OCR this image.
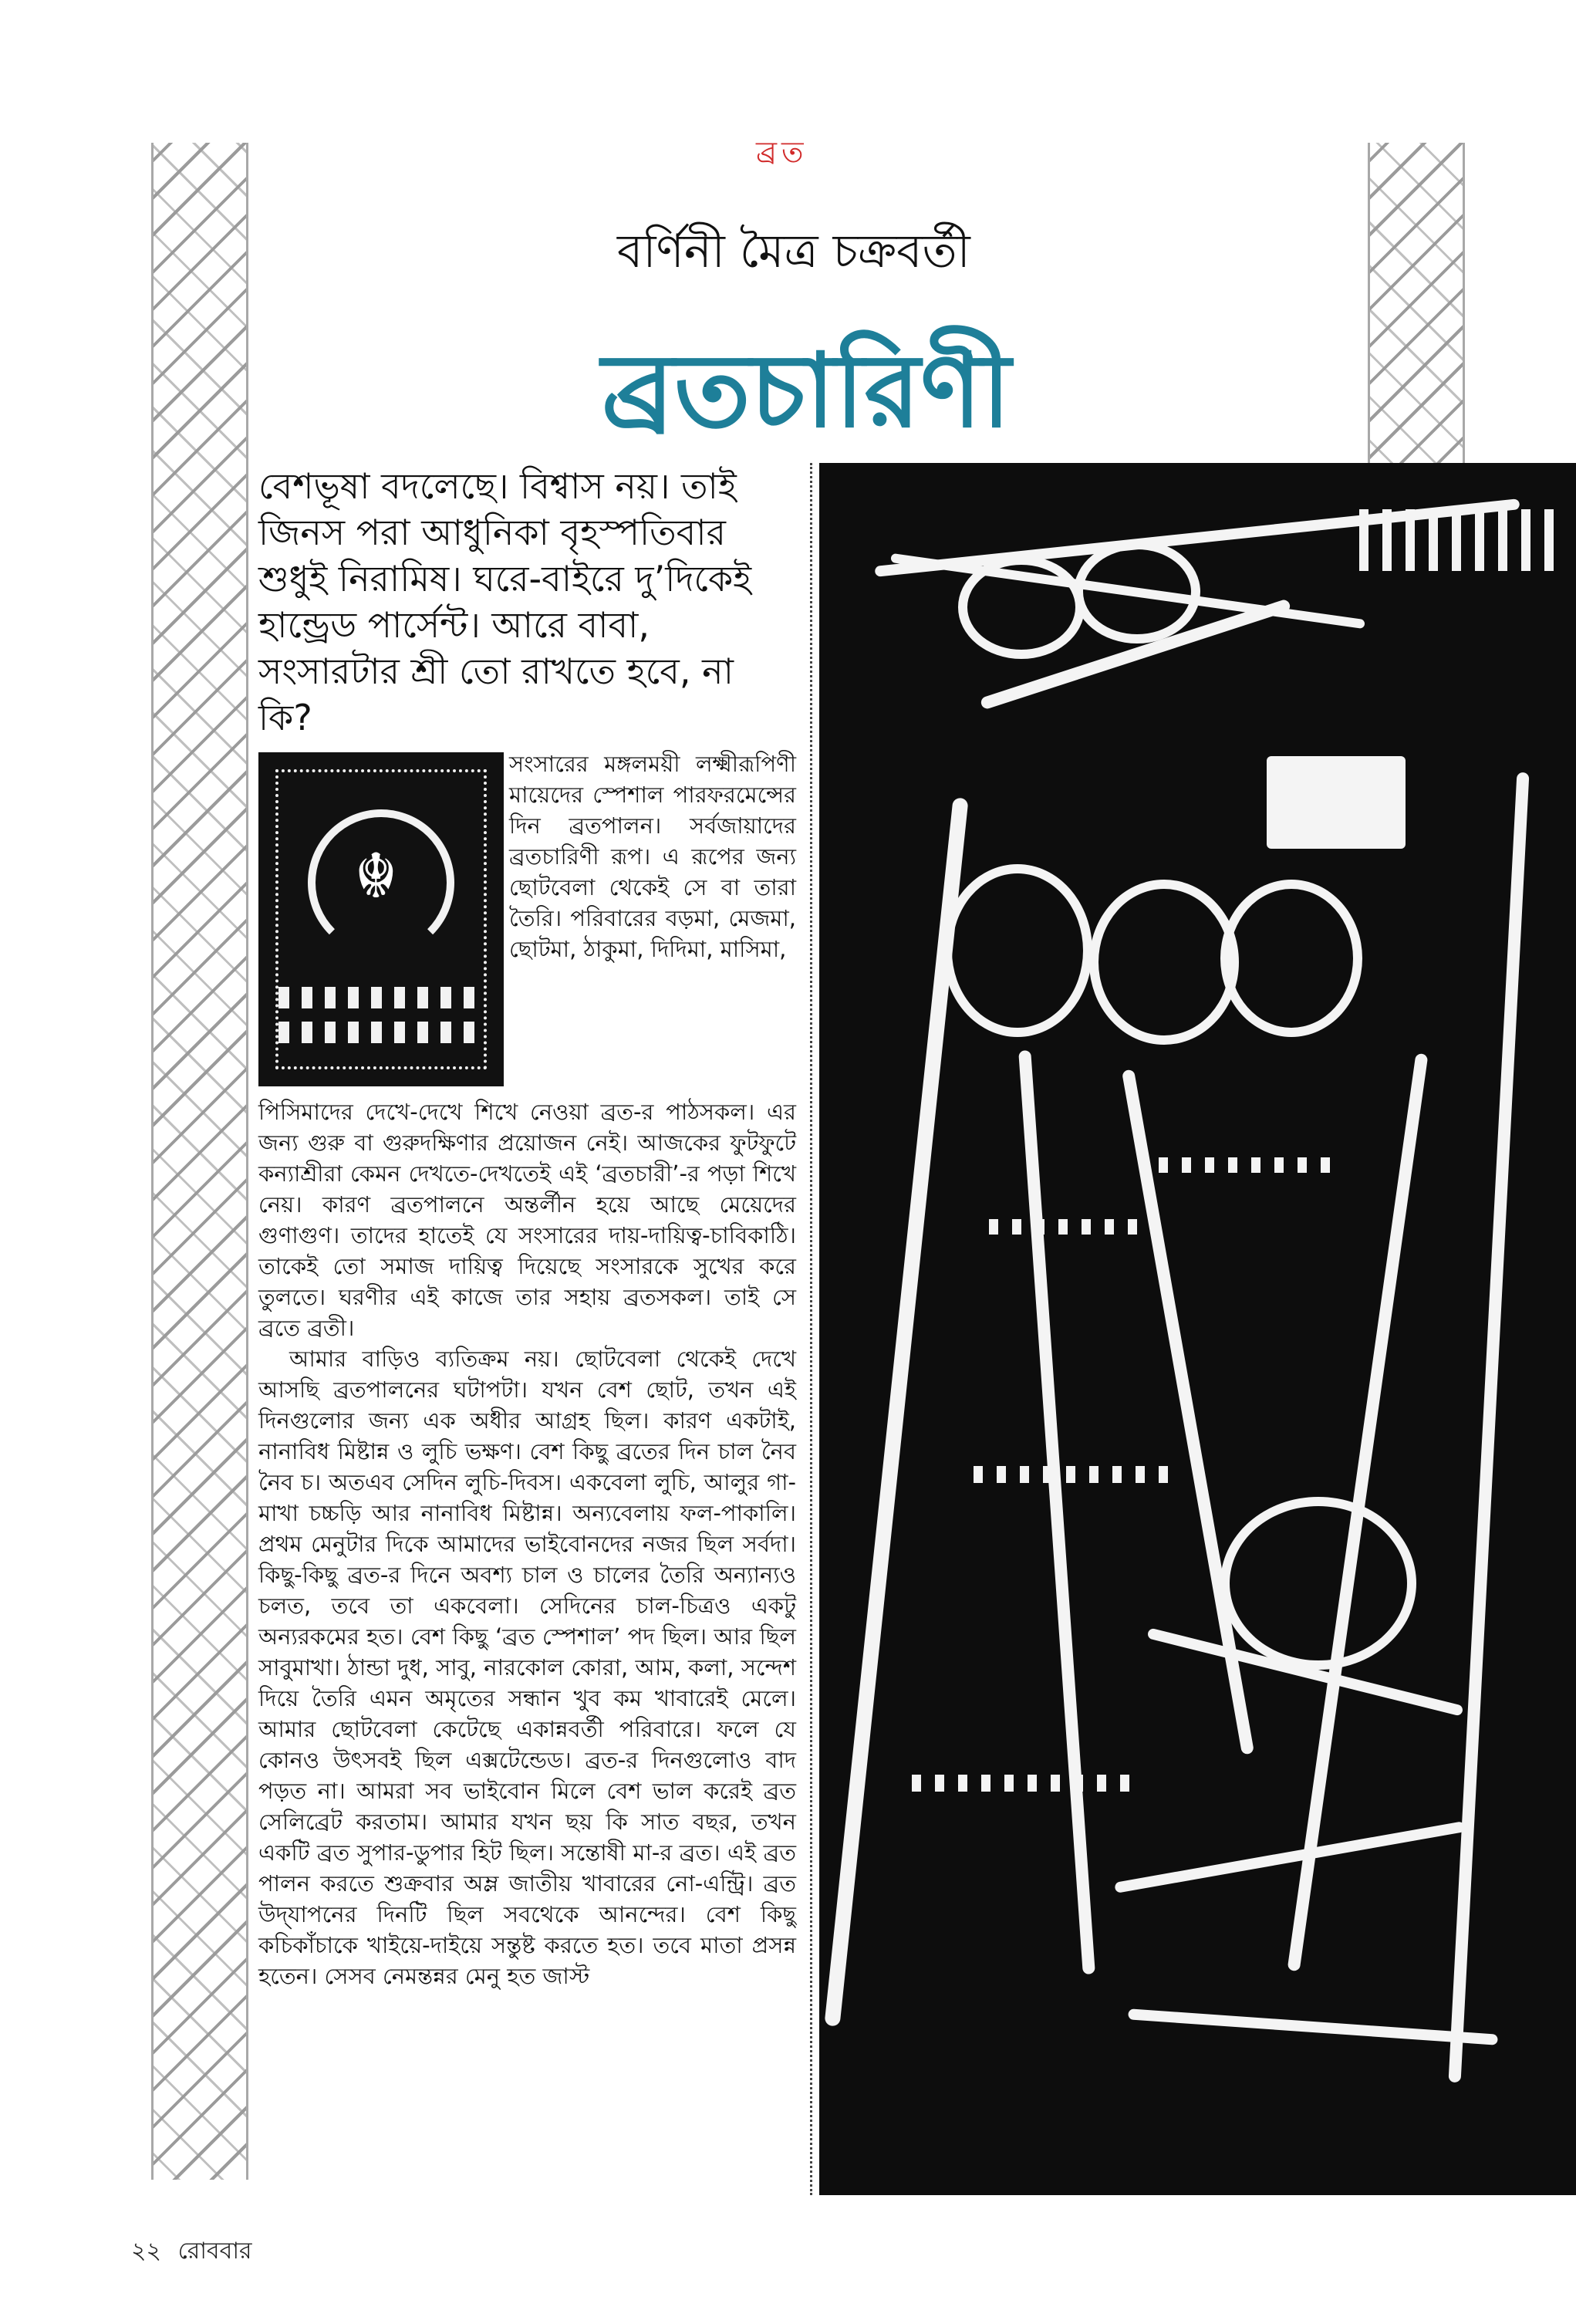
ব্রত
বর্ণিনী মৈত্র চক্রবর্তী
ব্রতচারিণী
বেশভূষা বদলেছে। বিশ্বাস নয়। তাই জিনস পরা আধুনিকা বৃহস্পতিবার শুধুই নিরামিষ। ঘরে-বাইরে দু’দিকেই হান্ড্রেড পার্সেন্ট। আরে বাবা, সংসারটার শ্রী তো রাখতে হবে, না কি?
☬
সংসারের মঙ্গলময়ী লক্ষ্মীরূপিণী মায়েদের স্পেশাল পারফরমেন্সের দিন ব্রতপালন। সর্বজায়াদের ব্রতচারিণী রূপ। এ রূপের জন্য ছোটবেলা থেকেই সে বা তারা তৈরি। পরিবারের বড়মা, মেজমা, ছোটমা, ঠাকুমা, দিদিমা, মাসিমা,

পিসিমাদের দেখে-দেখে শিখে নেওয়া ব্রত-র পাঠসকল। এর জন্য গুরু বা গুরুদক্ষিণার প্রয়োজন নেই। আজকের ফুটফুটে কন্যাশ্রীরা কেমন দেখতে-দেখতেই এই ‘ব্রতচারী’-র পড়া শিখে নেয়। কারণ ব্রতপালনে অন্তর্লীন হয়ে আছে মেয়েদের গুণাগুণ। তাদের হাতেই যে সংসারের দায়-দায়িত্ব-চাবিকাঠি। তাকেই তো সমাজ দায়িত্ব দিয়েছে সংসারকে সুখের করে তুলতে। ঘরণীর এই কাজে তার সহায় ব্রতসকল। তাই সে ব্রতে ব্রতী।

আমার বাড়িও ব্যতিক্রম নয়। ছোটবেলা থেকেই দেখে আসছি ব্রতপালনের ঘটাপটা। যখন বেশ ছোট, তখন এই দিনগুলোর জন্য এক অধীর আগ্রহ ছিল। কারণ একটাই, নানাবিধ মিষ্টান্ন ও লুচি ভক্ষণ। বেশ কিছু ব্রতের দিন চাল নৈব নৈব চ। অতএব সেদিন লুচি-দিবস। একবেলা লুচি, আলুর গা-মাখা চচ্চড়ি আর নানাবিধ মিষ্টান্ন। অন্যবেলায় ফল-পাকালি। প্রথম মেনুটার দিকে আমাদের ভাইবোনদের নজর ছিল সর্বদা। কিছু-কিছু ব্রত-র দিনে অবশ্য চাল ও চালের তৈরি অন্যান্যও চলত, তবে তা একবেলা। সেদিনের চাল-চিত্রও একটু অন্যরকমের হত। বেশ কিছু ‘ব্রত স্পেশাল’ পদ ছিল। আর ছিল সাবুমাখা। ঠান্ডা দুধ, সাবু, নারকোল কোরা, আম, কলা, সন্দেশ দিয়ে তৈরি এমন অমৃতের সন্ধান খুব কম খাবারেই মেলে। আমার ছোটবেলা কেটেছে একান্নবর্তী পরিবারে। ফলে যে কোনও উৎসবই ছিল এক্সটেন্ডেড। ব্রত-র দিনগুলোও বাদ পড়ত না। আমরা সব ভাইবোন মিলে বেশ ভাল করেই ব্রত সেলিব্রেট করতাম। আমার যখন ছয় কি সাত বছর, তখন একটি ব্রত সুপার-ডুপার হিট ছিল। সন্তোষী মা-র ব্রত। এই ব্রত পালন করতে শুক্রবার অম্ল জাতীয় খাবারের নো-এন্ট্রি। ব্রত উদ্‌যাপনের দিনটি ছিল সবথেকে আনন্দের। বেশ কিছু কচিকাঁচাকে খাইয়ে-দাইয়ে সন্তুষ্ট করতে হত। তবে মাতা প্রসন্ন হতেন। সেসব নেমন্তন্নর মেনু হত জাস্ট

২২ রোববার
